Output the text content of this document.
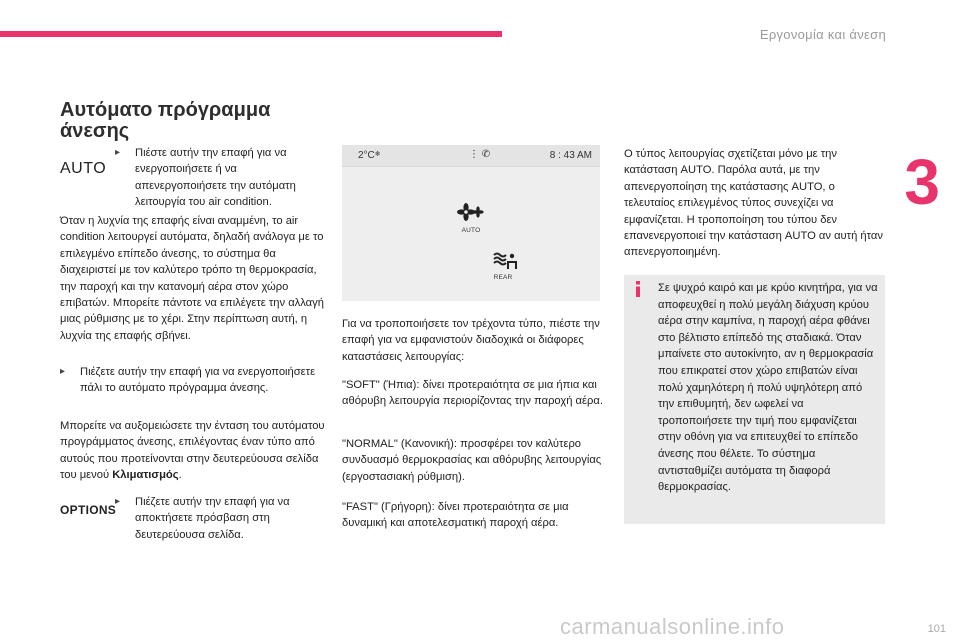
Εργονομία και άνεση
3
Αυτόματο πρόγραμμα άνεσης
AUTO
▸	Πιέστε αυτήν την επαφή για να ενεργοποιήσετε ή να απενεργοποιήσετε την αυτόματη λειτουργία του air condition.
Όταν η λυχνία της επαφής είναι αναμμένη, το air condition λειτουργεί αυτόματα, δηλαδή ανάλογα με το επιλεγμένο επίπεδο άνεσης, το σύστημα θα διαχειριστεί με τον καλύτερο τρόπο τη θερμοκρασία, την παροχή και την κατανομή αέρα στον χώρο επιβατών. Μπορείτε πάντοτε να επιλέγετε την αλλαγή μιας ρύθμισης με το χέρι. Στην περίπτωση αυτή, η λυχνία της επαφής σβήνει.
▸	Πιέζετε αυτήν την επαφή για να ενεργοποιήσετε πάλι το αυτόματο πρόγραμμα άνεσης.
Μπορείτε να αυξομειώσετε την ένταση του αυτόματου προγράμματος άνεσης, επιλέγοντας έναν τύπο από αυτούς που προτείνονται στην δευτερεύουσα σελίδα του μενού Κλιματισμός.
OPTIONS
▸	Πιέζετε αυτήν την επαφή για να αποκτήσετε πρόσβαση στη δευτερεύουσα σελίδα.
2°C❄	⋮ ✆	8 : 43 AM
AUTO
REAR
Για να τροποποιήσετε τον τρέχοντα τύπο, πιέστε την επαφή για να εμφανιστούν διαδοχικά οι διάφορες καταστάσεις λειτουργίας:
"SOFT" (Ήπια): δίνει προτεραιότητα σε μια ήπια και αθόρυβη λειτουργία περιορίζοντας την παροχή αέρα.
"NORMAL" (Κανονική): προσφέρει τον καλύτερο συνδυασμό θερμοκρασίας και αθόρυβης λειτουργίας (εργοστασιακή ρύθμιση).
"FAST" (Γρήγορη): δίνει προτεραιότητα σε μια δυναμική και αποτελεσματική παροχή αέρα.
Ο τύπος λειτουργίας σχετίζεται μόνο με την κατάσταση AUTO. Παρόλα αυτά, με την απενεργοποίηση της κατάστασης AUTO, ο τελευταίος επιλεγμένος τύπος συνεχίζει να εμφανίζεται. Η τροποποίηση του τύπου δεν επανενεργοποιεί την κατάσταση AUTO αν αυτή ήταν απενεργοποιημένη.
Σε ψυχρό καιρό και με κρύο κινητήρα, για να αποφευχθεί η πολύ μεγάλη διάχυση κρύου αέρα στην καμπίνα, η παροχή αέρα φθάνει στο βέλτιστο επίπεδό της σταδιακά. Όταν μπαίνετε στο αυτοκίνητο, αν η θερμοκρασία που επικρατεί στον χώρο επιβατών είναι πολύ χαμηλότερη ή πολύ υψηλότερη από την επιθυμητή, δεν ωφελεί να τροποποιήσετε την τιμή που εμφανίζεται στην οθόνη για να επιτευχθεί το επίπεδο άνεσης που θέλετε. Το σύστημα αντισταθμίζει αυτόματα τη διαφορά θερμοκρασίας.
carmanualsonline.info	101
